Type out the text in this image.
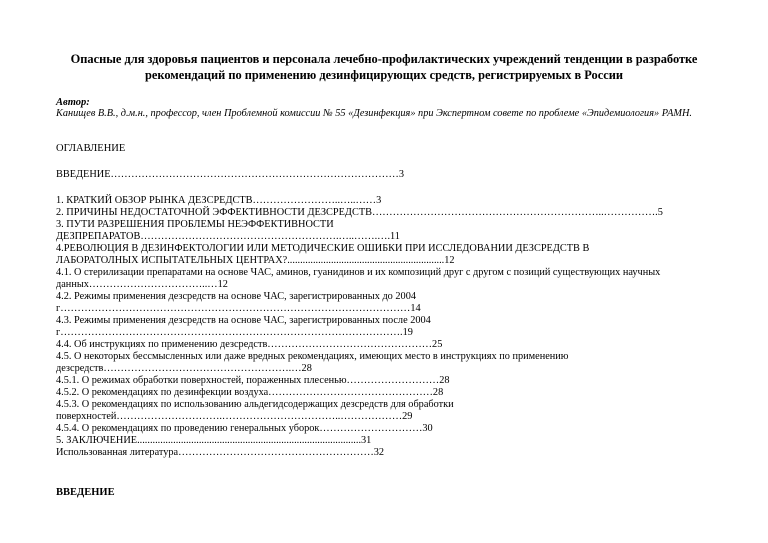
Опасные для здоровья пациентов и персонала лечебно-профилактических учреждений тенденции в разработке рекомендаций по применению дезинфицирующих средств, регистрируемых в России
Автор:
Канищев В.В., д.м.н., профессор, член Проблемной комиссии № 55 «Дезинфекция» при Экспертном совете по проблеме «Эпидемиология» РАМН.
ОГЛАВЛЕНИЕ
ВВЕДЕНИЕ…………………………………………………………………………3
1. КРАТКИЙ ОБЗОР РЫНКА ДЕЗСРЕДСТВ……………………..…..……3
2. ПРИЧИНЫ НЕДОСТАТОЧНОЙ ЭФФЕКТИВНОСТИ ДЕЗСРЕДСТВ…………………………………………………………..…………….5
3. ПУТИ РАЗРЕШЕНИЯ ПРОБЛЕМЫ НЕЭФФЕКТИВНОСТИ
ДЕЗПРЕПАРАТОВ………………………………………………….…..…….….11
4.РЕВОЛЮЦИЯ В ДЕЗИНФЕКТОЛОГИИ ИЛИ МЕТОДИЧЕСКИЕ ОШИБКИ ПРИ ИССЛЕДОВАНИИ ДЕЗСРЕДСТВ В
ЛАБОРАТОЛНЫХ ИСПЫТАТЕЛЬНЫХ ЦЕНТРАХ?.............................................................12
4.1. О стерилизации препаратами на основе ЧАС, аминов, гуанидинов и их композиций друг с другом с позиций существующих научных
данных……………………………..…12
4.2. Режимы применения дезсредств на основе ЧАС, зарегистрированных до 2004
г…………………………………………………………………………………………14
4.3. Режимы применения дезсредств на основе ЧАС, зарегистрированных после 2004
г……………………………………………………………………………………….19
4.4. Об инструкциях по применению дезсредств…………………………………………25
4.5. О некоторых бессмысленных или даже вредных рекомендациях, имеющих место в инструкциях по применению
дезсредств……………………………………………….…28
4.5.1. О режимах обработки поверхностей, пораженных плесенью………………………28
4.5.2. О рекомендациях по дезинфекции воздуха…………………………………………28
4.5.3. О рекомендациях по использованию альдегидсодержащих дезсредств для обработки
поверхностей………………………….……………………………..………………29
4.5.4. О рекомендациях по проведению генеральных уборок…………………………30
5. ЗАКЛЮЧЕНИЕ.......................................................................................31
Использованная литература…………………………………………………32
ВВЕДЕНИЕ
